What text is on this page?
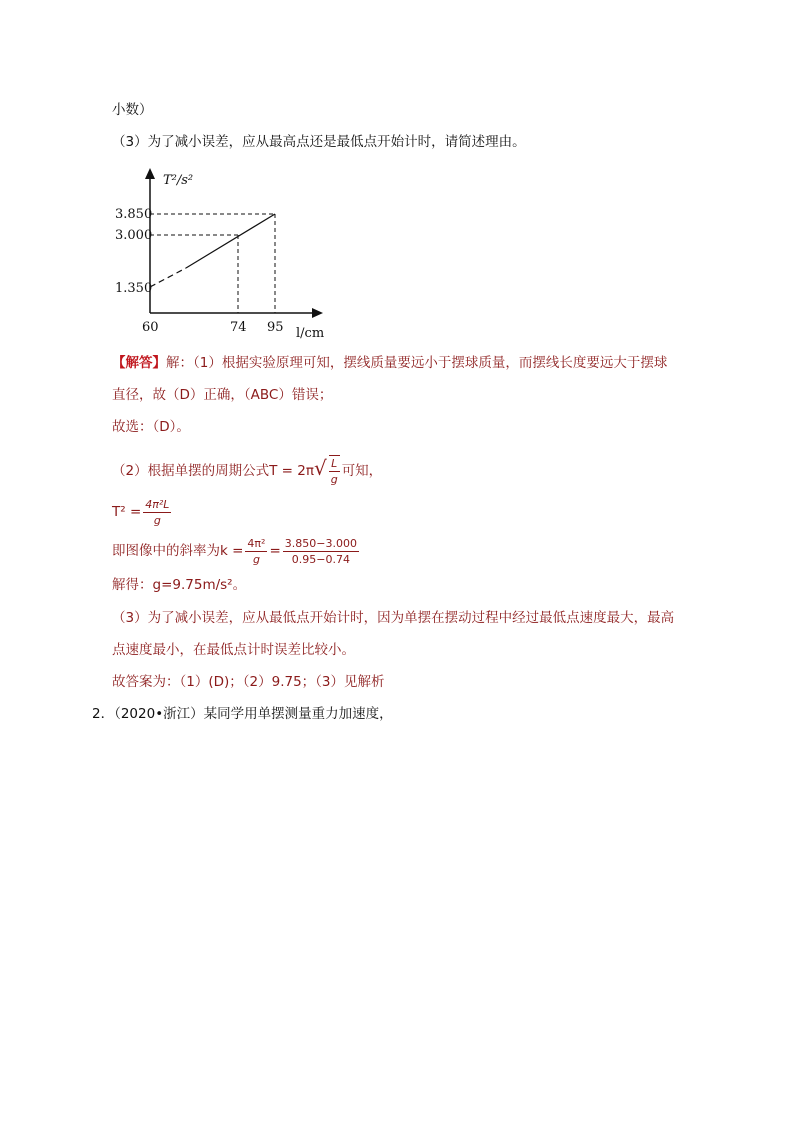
小数）
（3）为了减小误差，应从最高点还是最低点开始计时，请简述理由。
T²/s²
3.850
3.000
1.350
60	74 95 l/cm
【解答】解：（1）根据实验原理可知，摆线质量要远小于摆球质量，而摆线长度要远大于摆球
直径，故（D）正确，（ABC）错误；
故选：（D）。
（2）根据单摆的周期公式$T = 2\pi√ \frac{L}{g}$ 可知，
$T^2 = \frac{\text{4π²L}}{g}$
即图像中的斜率为$k = \frac{\text{4π²}}{g} = \frac{3.850-3.000}{0.95-0.74}$
解得：g=9.75m/s²。
（3）为了减小误差，应从最低点开始计时，因为单摆在摆动过程中经过最低点速度最大，最高
点速度最小，在最低点计时误差比较小。
故答案为：（1）(D)；（2）9.75；（3）见解析
2．（2020•浙江）某同学用单摆测量重力加速度，
